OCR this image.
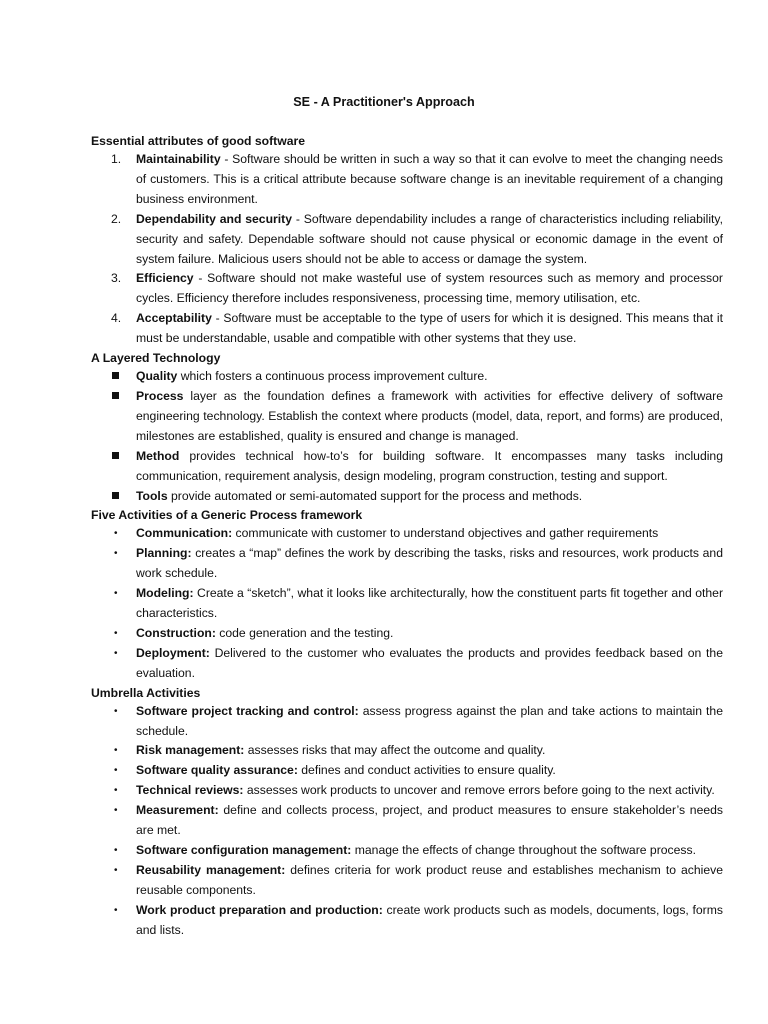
SE - A Practitioner's Approach

Essential attributes of good software

1. Maintainability - Software should be written in such a way so that it can evolve to meet the changing needs of customers. This is a critical attribute because software change is an inevitable requirement of a changing business environment.
2. Dependability and security - Software dependability includes a range of characteristics including reliability, security and safety. Dependable software should not cause physical or economic damage in the event of system failure. Malicious users should not be able to access or damage the system.
3. Efficiency - Software should not make wasteful use of system resources such as memory and processor cycles. Efficiency therefore includes responsiveness, processing time, memory utilisation, etc.
4. Acceptability - Software must be acceptable to the type of users for which it is designed. This means that it must be understandable, usable and compatible with other systems that they use.

A Layered Technology

Quality which fosters a continuous process improvement culture.
Process layer as the foundation defines a framework with activities for effective delivery of software engineering technology. Establish the context where products (model, data, report, and forms) are produced, milestones are established, quality is ensured and change is managed.
Method provides technical how-to’s for building software. It encompasses many tasks including communication, requirement analysis, design modeling, program construction, testing and support.
Tools provide automated or semi-automated support for the process and methods.

Five Activities of a Generic Process framework

• Communication: communicate with customer to understand objectives and gather requirements
• Planning: creates a “map” defines the work by describing the tasks, risks and resources, work products and work schedule.
• Modeling: Create a “sketch”, what it looks like architecturally, how the constituent parts fit together and other characteristics.
• Construction: code generation and the testing.
• Deployment: Delivered to the customer who evaluates the products and provides feedback based on the evaluation.

Umbrella Activities

• Software project tracking and control: assess progress against the plan and take actions to maintain the schedule.
• Risk management: assesses risks that may affect the outcome and quality.
• Software quality assurance: defines and conduct activities to ensure quality.
• Technical reviews: assesses work products to uncover and remove errors before going to the next activity.
• Measurement: define and collects process, project, and product measures to ensure stakeholder’s needs are met.
• Software configuration management: manage the effects of change throughout the software process.
• Reusability management: defines criteria for work product reuse and establishes mechanism to achieve reusable components.
• Work product preparation and production: create work products such as models, documents, logs, forms and lists.
